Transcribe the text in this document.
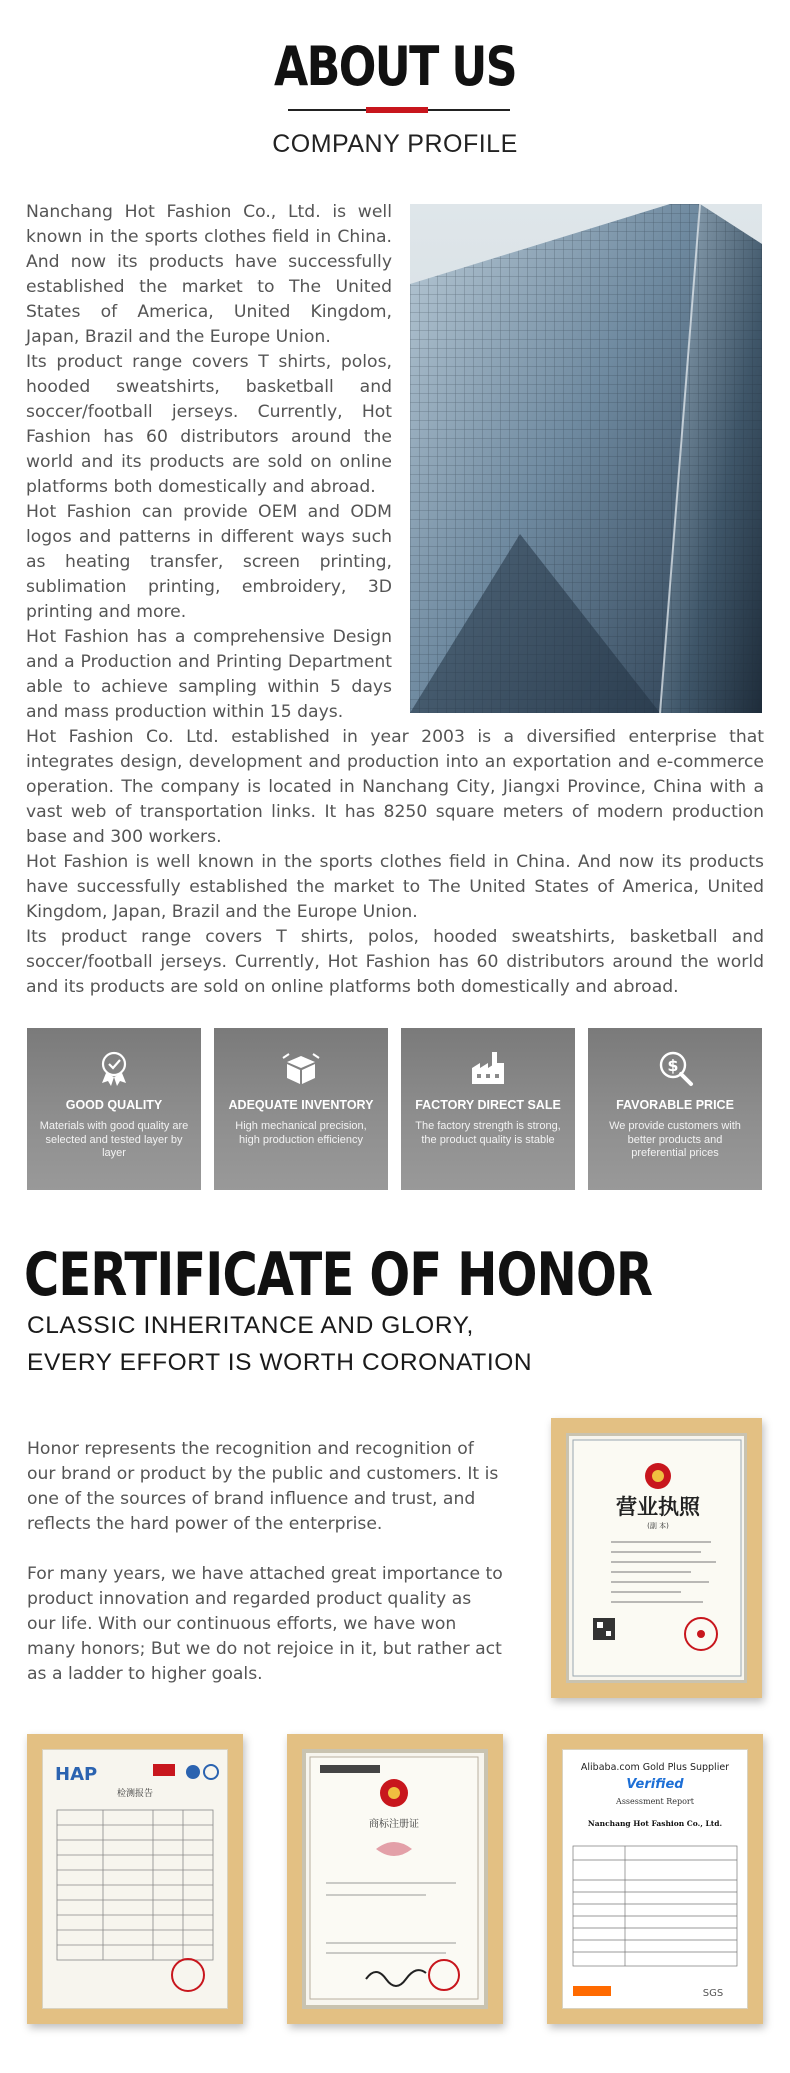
ABOUT US
COMPANY PROFILE

Nanchang Hot Fashion Co., Ltd. is well known in the sports clothes field in China. And now its products have successfully established the market to The United States of America, United Kingdom, Japan, Brazil and the Europe Union.

Its product range covers T shirts, polos, hooded sweatshirts, basketball and soccer/football jerseys. Currently, Hot Fashion has 60 distributors around the world and its products are sold on online platforms both domestically and abroad.

Hot Fashion can provide OEM and ODM logos and patterns in different ways such as heating transfer, screen printing, sublimation printing, embroidery, 3D printing and more.

Hot Fashion has a comprehensive Design and a Production and Printing Department able to achieve sampling within 5 days and mass production within 15 days.

Hot Fashion Co. Ltd. established in year 2003 is a diversified enterprise that integrates design, development and production into an exportation and e-commerce operation. The company is located in Nanchang City, Jiangxi Province, China with a vast web of transportation links. It has 8250 square meters of modern production base and 300 workers.

Hot Fashion is well known in the sports clothes field in China. And now its products have successfully established the market to The United States of America, United Kingdom, Japan, Brazil and the Europe Union.

Its product range covers T shirts, polos, hooded sweatshirts, basketball and soccer/football jerseys. Currently, Hot Fashion has 60 distributors around the world and its products are sold on online platforms both domestically and abroad.

GOOD QUALITY
Materials with good quality are selected and tested layer by layer
ADEQUATE INVENTORY
High mechanical precision, high production efficiency
FACTORY DIRECT SALE
The factory strength is strong, the product quality is stable
$
FAVORABLE PRICE
We provide customers with better products and preferential prices
CERTIFICATE OF HONOR
CLASSIC INHERITANCE AND GLORY,
EVERY EFFORT IS WORTH CORONATION

Honor represents the recognition and recognition of our brand or product by the public and customers. It is one of the sources of brand influence and trust, and reflects the hard power of the enterprise.

For many years, we have attached great importance to product innovation and regarded product quality as our life. With our continuous efforts, we have won many honors; But we do not rejoice in it, but rather act as a ladder to higher goals.

营业执照
(副 本)
HAP
检测报告
商标注册证
Alibaba.com Gold Plus Supplier
Verified
Assessment Report
Nanchang Hot Fashion Co., Ltd.
SGS
